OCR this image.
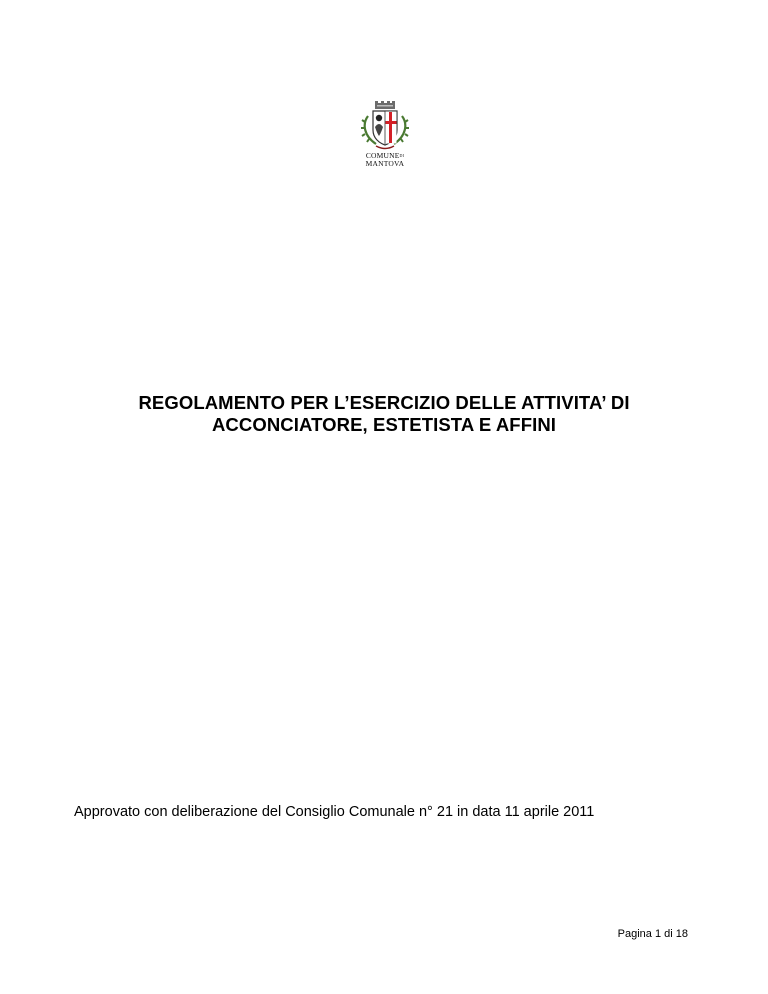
$COMUNE^{DI}$
MANTOVA
REGOLAMENTO PER L’ESERCIZIO DELLE ATTIVITA’ DI
ACCONCIATORE, ESTETISTA E AFFINI
Approvato con deliberazione del Consiglio Comunale n° 21 in data 11 aprile 2011
Pagina 1 di 18
